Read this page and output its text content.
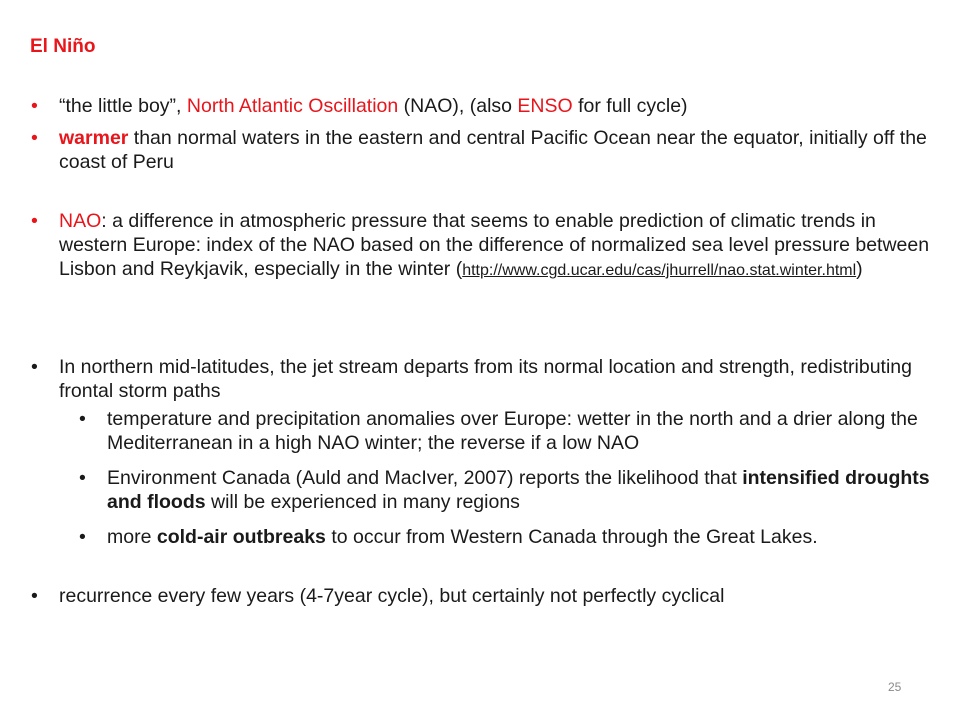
El Niño

• “the little boy”, North Atlantic Oscillation (NAO), (also ENSO for full cycle)

• warmer than normal waters in the eastern and central Pacific Ocean near the equator, initially off the coast of Peru

• NAO: a difference in atmospheric pressure that seems to enable prediction of climatic trends in western Europe: index of the NAO based on the difference of normalized sea level pressure between Lisbon and Reykjavik, especially in the winter (http://www.cgd.ucar.edu/cas/jhurrell/nao.stat.winter.html)

• In northern mid-latitudes, the jet stream departs from its normal location and strength, redistributing frontal storm paths

• temperature and precipitation anomalies over Europe: wetter in the north and a drier along the Mediterranean in a high NAO winter; the reverse if a low NAO

• Environment Canada (Auld and MacIver, 2007) reports the likelihood that intensified droughts and floods will be experienced in many regions

• more cold-air outbreaks to occur from Western Canada through the Great Lakes.

• recurrence every few years (4-7year cycle), but certainly not perfectly cyclical

25
